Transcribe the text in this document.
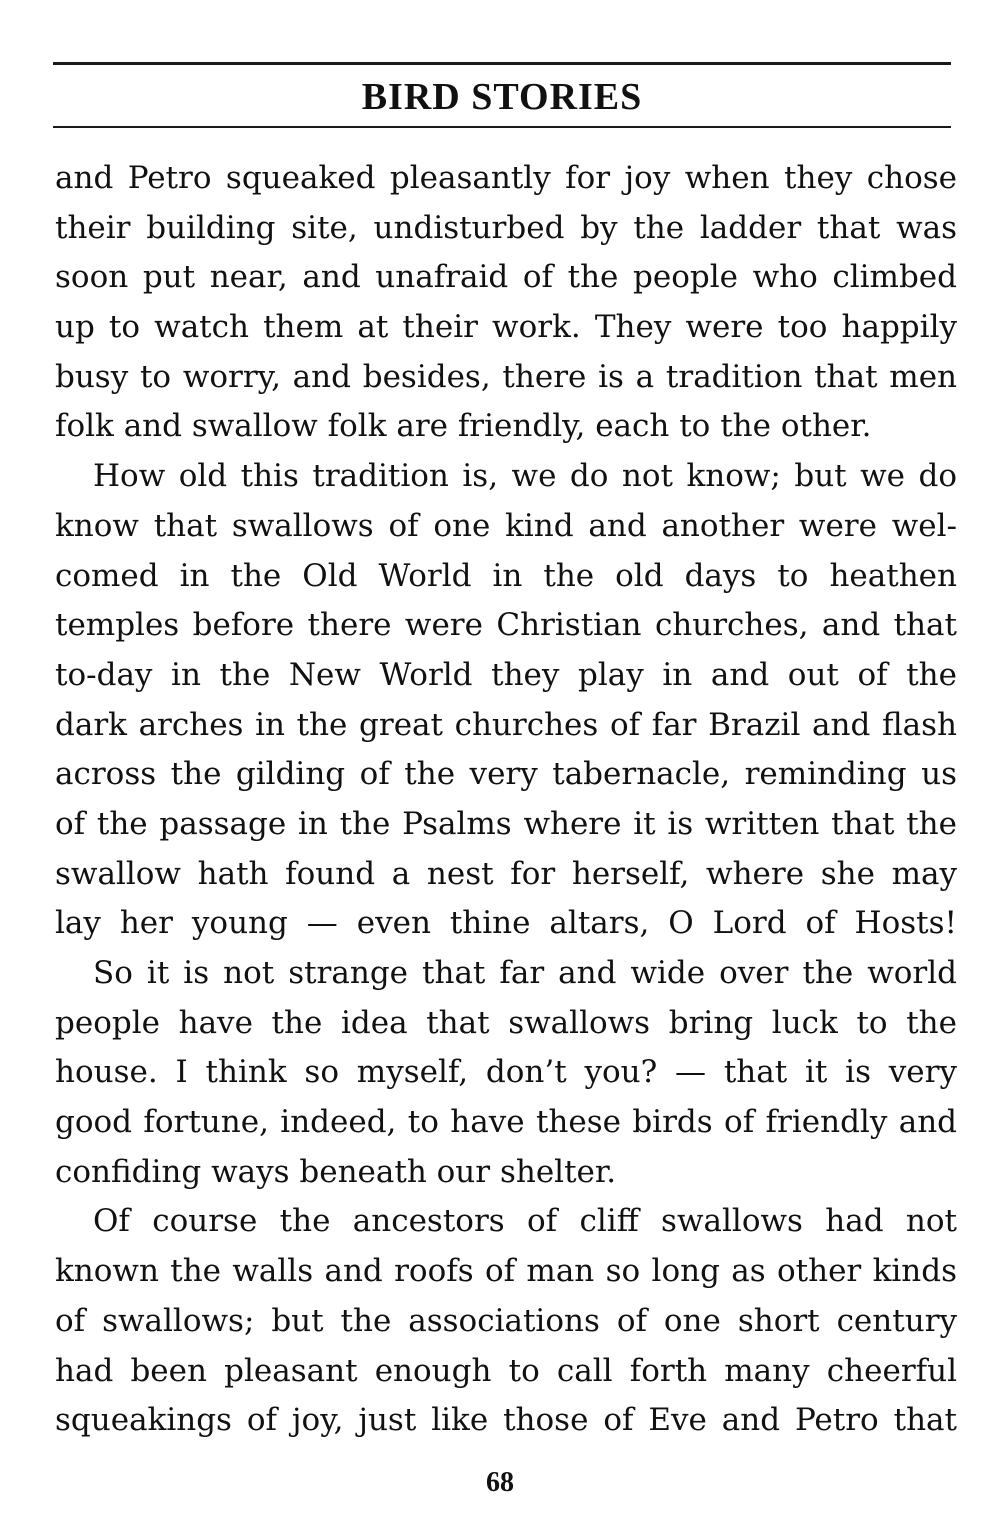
BIRD STORIES
and Petro squeaked pleasantly for joy when they chose
their building site, undisturbed by the ladder that was
soon put near, and unafraid of the people who climbed
up to watch them at their work. They were too happily
busy to worry, and besides, there is a tradition that men
folk and swallow folk are friendly, each to the other.
How old this tradition is, we do not know; but we do
know that swallows of one kind and another were wel-
comed in the Old World in the old days to heathen
temples before there were Christian churches, and that
to-day in the New World they play in and out of the
dark arches in the great churches of far Brazil and flash
across the gilding of the very tabernacle, reminding us
of the passage in the Psalms where it is written that the
swallow hath found a nest for herself, where she may
lay her young — even thine altars, O Lord of Hosts!
So it is not strange that far and wide over the world
people have the idea that swallows bring luck to the
house. I think so myself, don’t you? — that it is very
good fortune, indeed, to have these birds of friendly and
confiding ways beneath our shelter.
Of course the ancestors of cliff swallows had not
known the walls and roofs of man so long as other kinds
of swallows; but the associations of one short century
had been pleasant enough to call forth many cheerful
squeakings of joy, just like those of Eve and Petro that
68
